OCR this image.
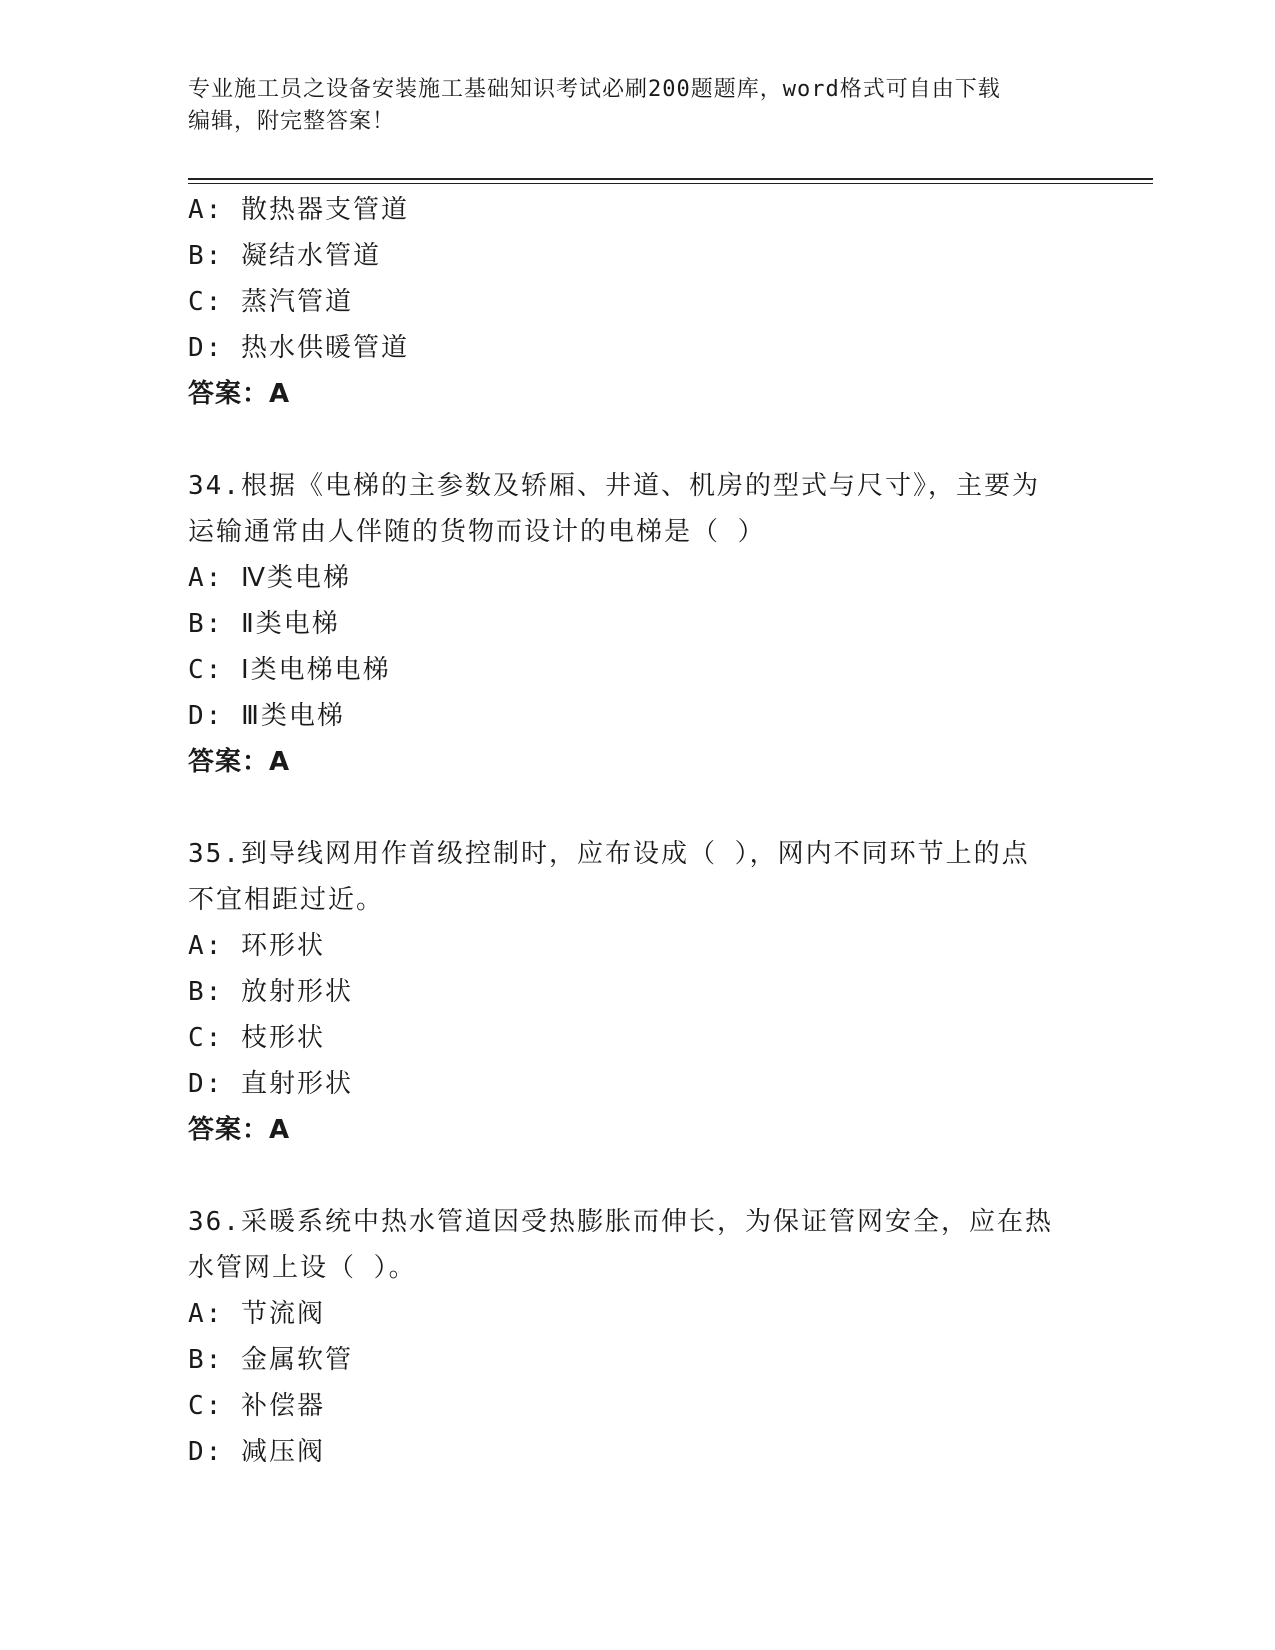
专业施工员之设备安装施工基础知识考试必刷200题题库，word格式可自由下载
编辑，附完整答案！
A: 散热器支管道
B: 凝结水管道
C: 蒸汽管道
D: 热水供暖管道
答案：A
34.根据《电梯的主参数及轿厢、井道、机房的型式与尺寸》，主要为
运输通常由人伴随的货物而设计的电梯是（ ）
A: Ⅳ类电梯
B: Ⅱ类电梯
C: Ⅰ类电梯电梯
D: Ⅲ类电梯
答案：A
35.到导线网用作首级控制时，应布设成（ ），网内不同环节上的点
不宜相距过近。
A: 环形状
B: 放射形状
C: 枝形状
D: 直射形状
答案：A
36.采暖系统中热水管道因受热膨胀而伸长，为保证管网安全，应在热
水管网上设（ ）。
A: 节流阀
B: 金属软管
C: 补偿器
D: 减压阀
